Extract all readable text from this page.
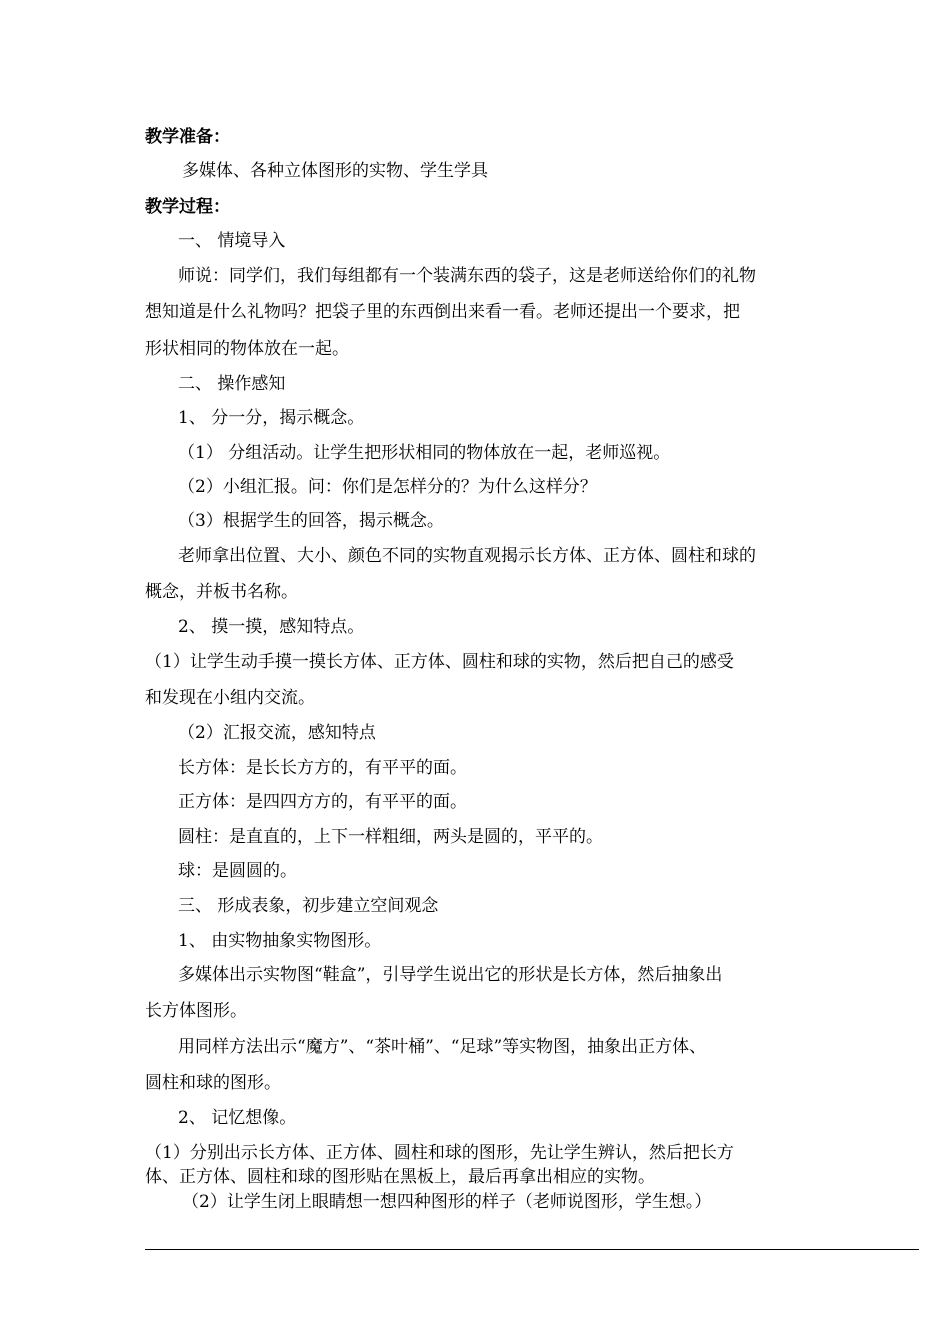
教学准备：
多媒体、各种立体图形的实物、学生学具
教学过程：
一、 情境导入
师说：同学们，我们每组都有一个装满东西的袋子，这是老师送给你们的礼物
想知道是什么礼物吗？把袋子里的东西倒出来看一看。老师还提出一个要求，把
形状相同的物体放在一起。
二、 操作感知
1、 分一分，揭示概念。
（1） 分组活动。让学生把形状相同的物体放在一起，老师巡视。
（2）小组汇报。问：你们是怎样分的？为什么这样分？
（3）根据学生的回答，揭示概念。
老师拿出位置、大小、颜色不同的实物直观揭示长方体、正方体、圆柱和球的
概念，并板书名称。
2、 摸一摸，感知特点。
（1）让学生动手摸一摸长方体、正方体、圆柱和球的实物，然后把自己的感受
和发现在小组内交流。
（2）汇报交流，感知特点
长方体：是长长方方的，有平平的面。
正方体：是四四方方的，有平平的面。
圆柱：是直直的，上下一样粗细，两头是圆的，平平的。
球：是圆圆的。
三、 形成表象，初步建立空间观念
1、 由实物抽象实物图形。
多媒体出示实物图“鞋盒”，引导学生说出它的形状是长方体，然后抽象出
长方体图形。
用同样方法出示“魔方”、“茶叶桶”、“足球”等实物图，抽象出正方体、
圆柱和球的图形。
2、 记忆想像。
（1）分别出示长方体、正方体、圆柱和球的图形，先让学生辨认，然后把长方
体、正方体、圆柱和球的图形贴在黑板上，最后再拿出相应的实物。
（2）让学生闭上眼睛想一想四种图形的样子（老师说图形，学生想。）
